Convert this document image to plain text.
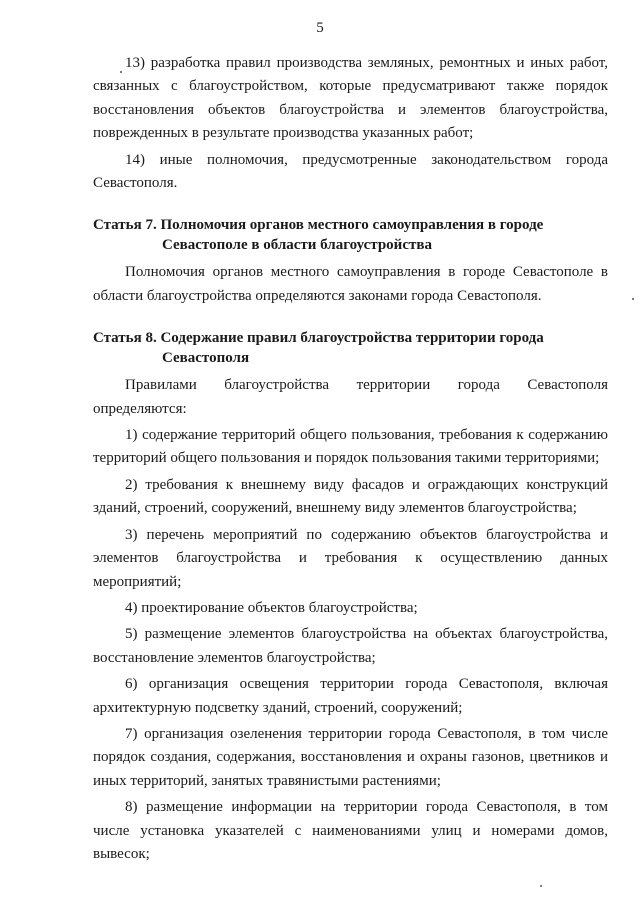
5

13) разработка правил производства земляных, ремонтных и иных работ, связанных с благоустройством, которые предусматривают также порядок восстановления объектов благоустройства и элементов благоустройства, поврежденных в результате производства указанных работ;

14) иные полномочия, предусмотренные законодательством города Севастополя.

Статья 7. Полномочия органов местного самоуправления в городе Севастополе в области благоустройства

Полномочия органов местного самоуправления в городе Севастополе в области благоустройства определяются законами города Севастополя.

Статья 8. Содержание правил благоустройства территории города Севастополя

Правилами благоустройства территории города Севастополя

определяются:

1) содержание территорий общего пользования, требования к содержанию территорий общего пользования и порядок пользования такими территориями;

2) требования к внешнему виду фасадов и ограждающих конструкций зданий, строений, сооружений, внешнему виду элементов благоустройства;

3) перечень мероприятий по содержанию объектов благоустройства и элементов благоустройства и требования к осуществлению данных мероприятий;

4) проектирование объектов благоустройства;

5) размещение элементов благоустройства на объектах благоустройства, восстановление элементов благоустройства;

6) организация освещения территории города Севастополя, включая архитектурную подсветку зданий, строений, сооружений;

7) организация озеленения территории города Севастополя, в том числе порядок создания, содержания, восстановления и охраны газонов, цветников и иных территорий, занятых травянистыми растениями;

8) размещение информации на территории города Севастополя, в том числе установка указателей с наименованиями улиц и номерами домов, вывесок;
